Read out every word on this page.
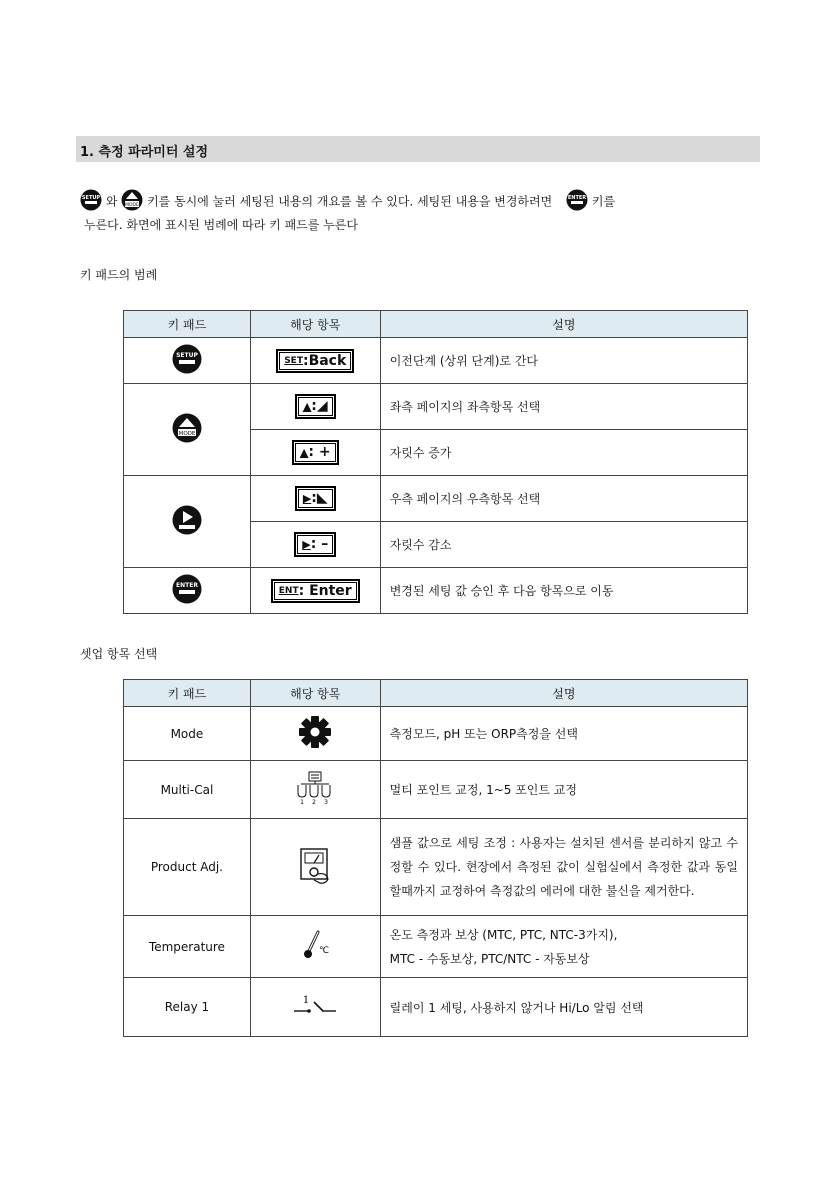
1. 측정 파라미터 설정
SETUP 와 MODE 키를 동시에 눌러 세팅된 내용의 개요를 볼 수 있다. 세팅된 내용을 변경하려면	ENTER 키를
누른다. 화면에 표시된 범례에 따라 키 패드를 누른다
키 패드의 범례
키 패드	해당 항목	설명

SETUP	SET:Back	이전단계 (상위 단계)로 간다

MODE	▲:◢	좌측 페이지의 좌측항목 선택
	▲: +	자릿수 증가
	▶:◣	우측 페이지의 우측항목 선택
	▶: –	자릿수 감소

ENTER	ENT: Enter	변경된 세팅 값 승인 후 다음 항목으로 이동
셋업 항목 선택
키 패드	해당 항목	설명
Mode		측정모드, pH 또는 ORP측정을 선택
Multi-Cal	1 2 3	멀티 포인트 교정, 1~5 포인트 교정
Product Adj.		샘플 값으로 세팅 조정 : 사용자는 설치된 센서를 분리하지 않고 수정할 수 있다. 현장에서 측정된 값이 실험실에서 측정한 값과 동일할때까지 교정하여 측정값의 에러에 대한 불신을 제거한다.
Temperature	℃	온도 측정과 보상 (MTC, PTC, NTC-3가지),
MTC - 수동보상, PTC/NTC - 자동보상

Relay 1	1	릴레이 1 세팅, 사용하지 않거나 Hi/Lo 알림 선택
